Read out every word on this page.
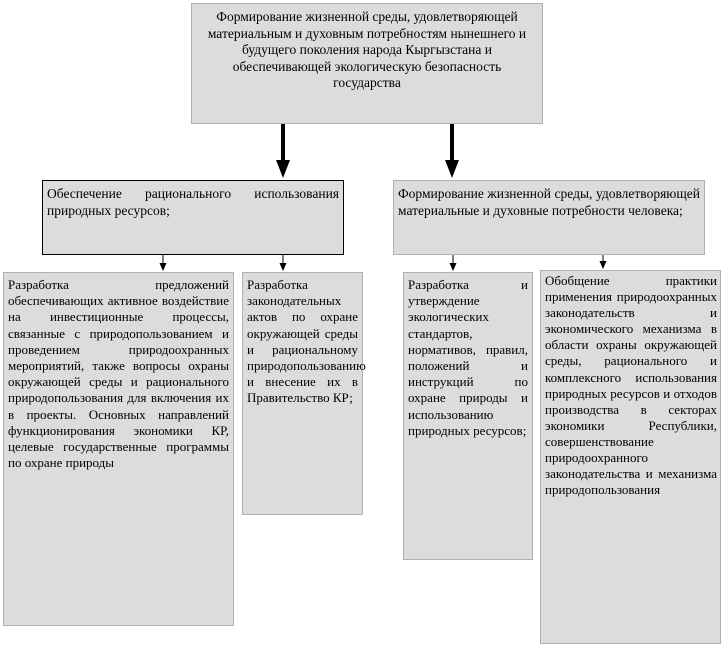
Формирование жизненной среды, удовлетворяющей материальным и духовным потребностям нынешнего и будущего поколения народа Кыргызстана и обеспечивающей экологическую безопасность государства

Обеспечение рационального использования природных ресурсов;

Формирование жизненной среды, удовлетворяющей материальные и духовные потребности человека;

Разработка предложений обеспечивающих активное воздействие на инвестиционные процессы, связанные с природопользованием и проведением природоохранных мероприятий, также вопросы охраны окружающей среды и рационального природопользования для включения их в проекты. Основных направлений функционирования экономики КР, целевые государственные программы по охране природы

Разработка законодательных актов по охране окружающей среды и рациональному природопользованию и внесение их в Правительство КР;

Разработка и утверждение экологических стандартов, нормативов, правил, положений и инструкций по охране природы и использованию природных ресурсов;

Обобщение практики применения природоохранных законодательств и экономического механизма в области охраны окружающей среды, рационального и комплексного использования природных ресурсов и отходов производства в секторах экономики Республики, совершенствование природоохранного законодательства и механизма природопользования
